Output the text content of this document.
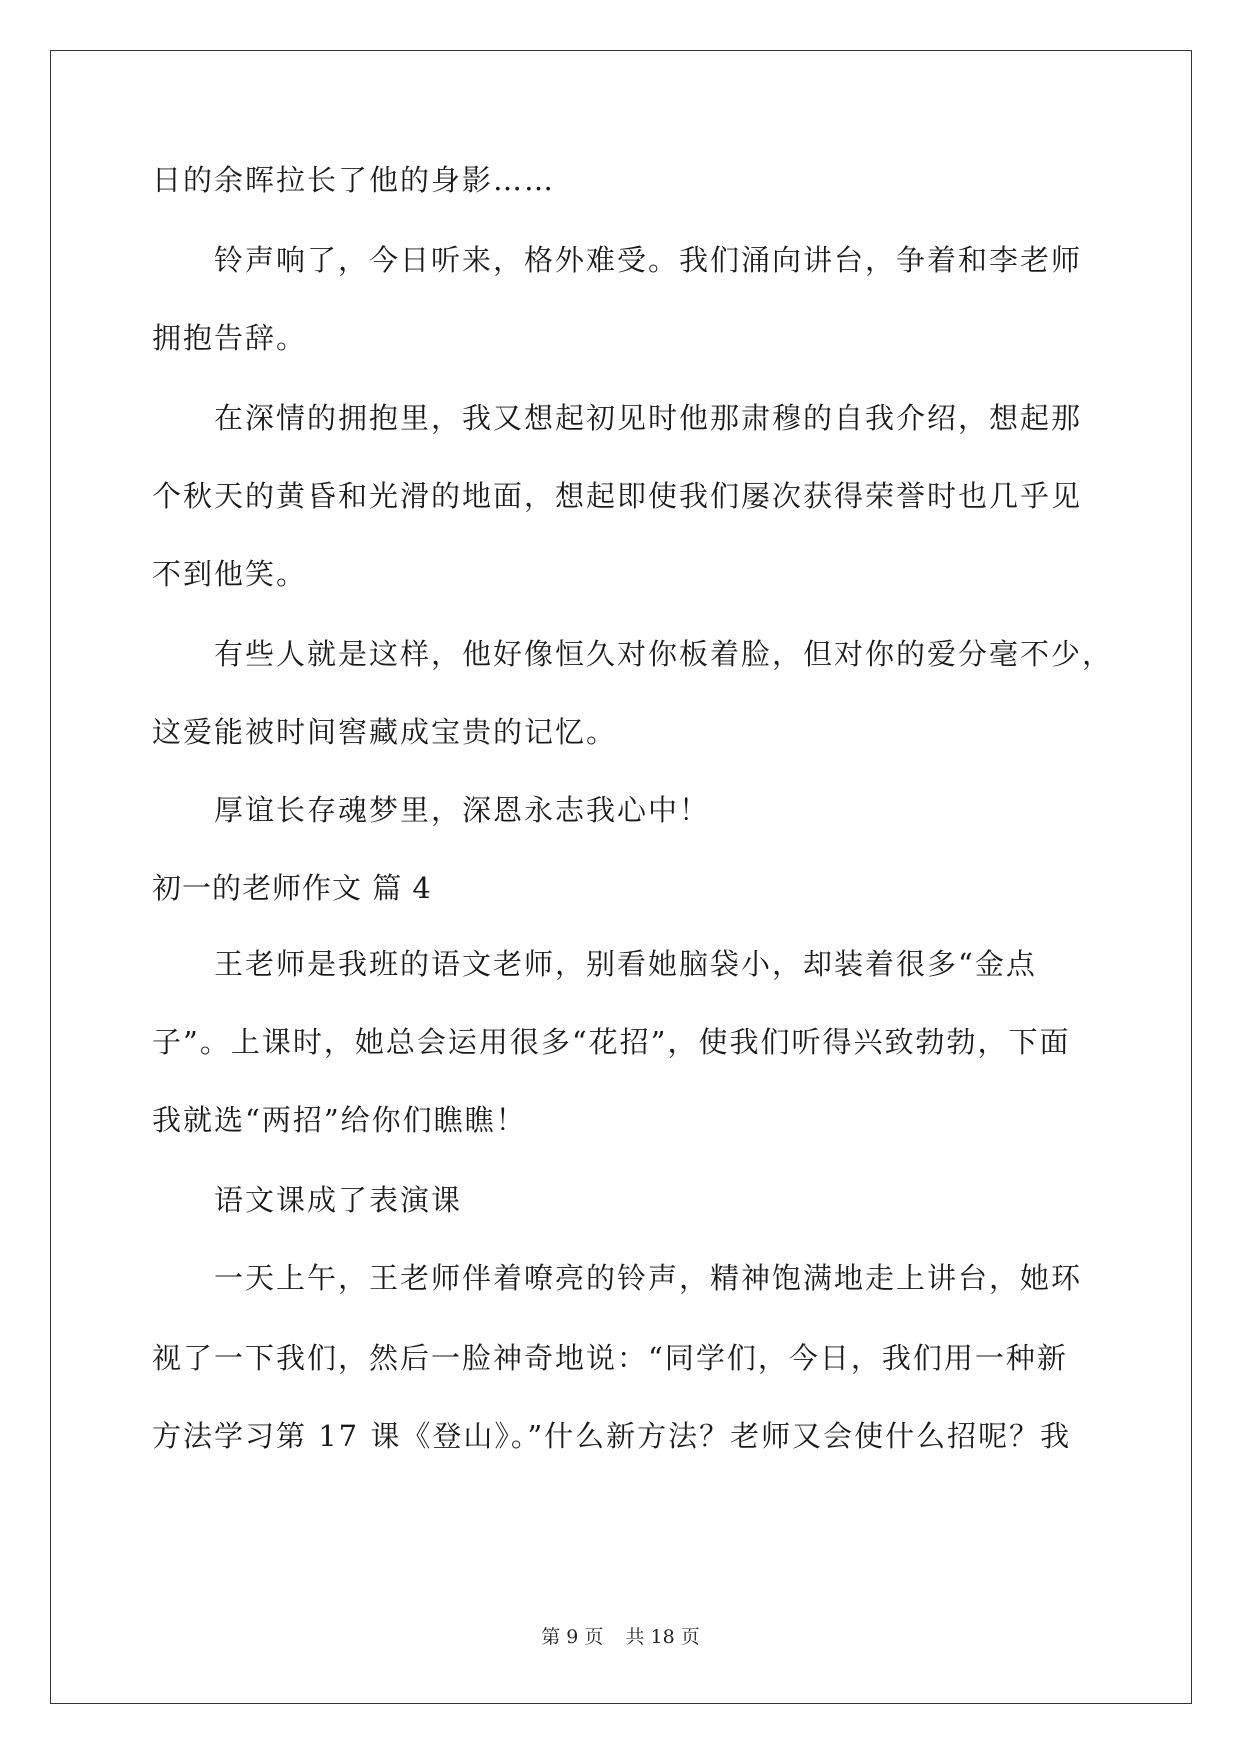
日的余晖拉长了他的身影……
铃声响了，今日听来，格外难受。我们涌向讲台，争着和李老师
拥抱告辞。
在深情的拥抱里，我又想起初见时他那肃穆的自我介绍，想起那
个秋天的黄昏和光滑的地面，想起即使我们屡次获得荣誉时也几乎见
不到他笑。
有些人就是这样，他好像恒久对你板着脸，但对你的爱分毫不少，
这爱能被时间窖藏成宝贵的记忆。
厚谊长存魂梦里，深恩永志我心中！
初一的老师作文 篇 4
王老师是我班的语文老师，别看她脑袋小，却装着很多“金点
子”。上课时，她总会运用很多“花招”，使我们听得兴致勃勃，下面
我就选“两招”给你们瞧瞧！
语文课成了表演课
一天上午，王老师伴着嘹亮的铃声，精神饱满地走上讲台，她环
视了一下我们，然后一脸神奇地说：“同学们，今日，我们用一种新
方法学习第 17 课《登山》。”什么新方法？老师又会使什么招呢？我
第 9 页 共 18 页
